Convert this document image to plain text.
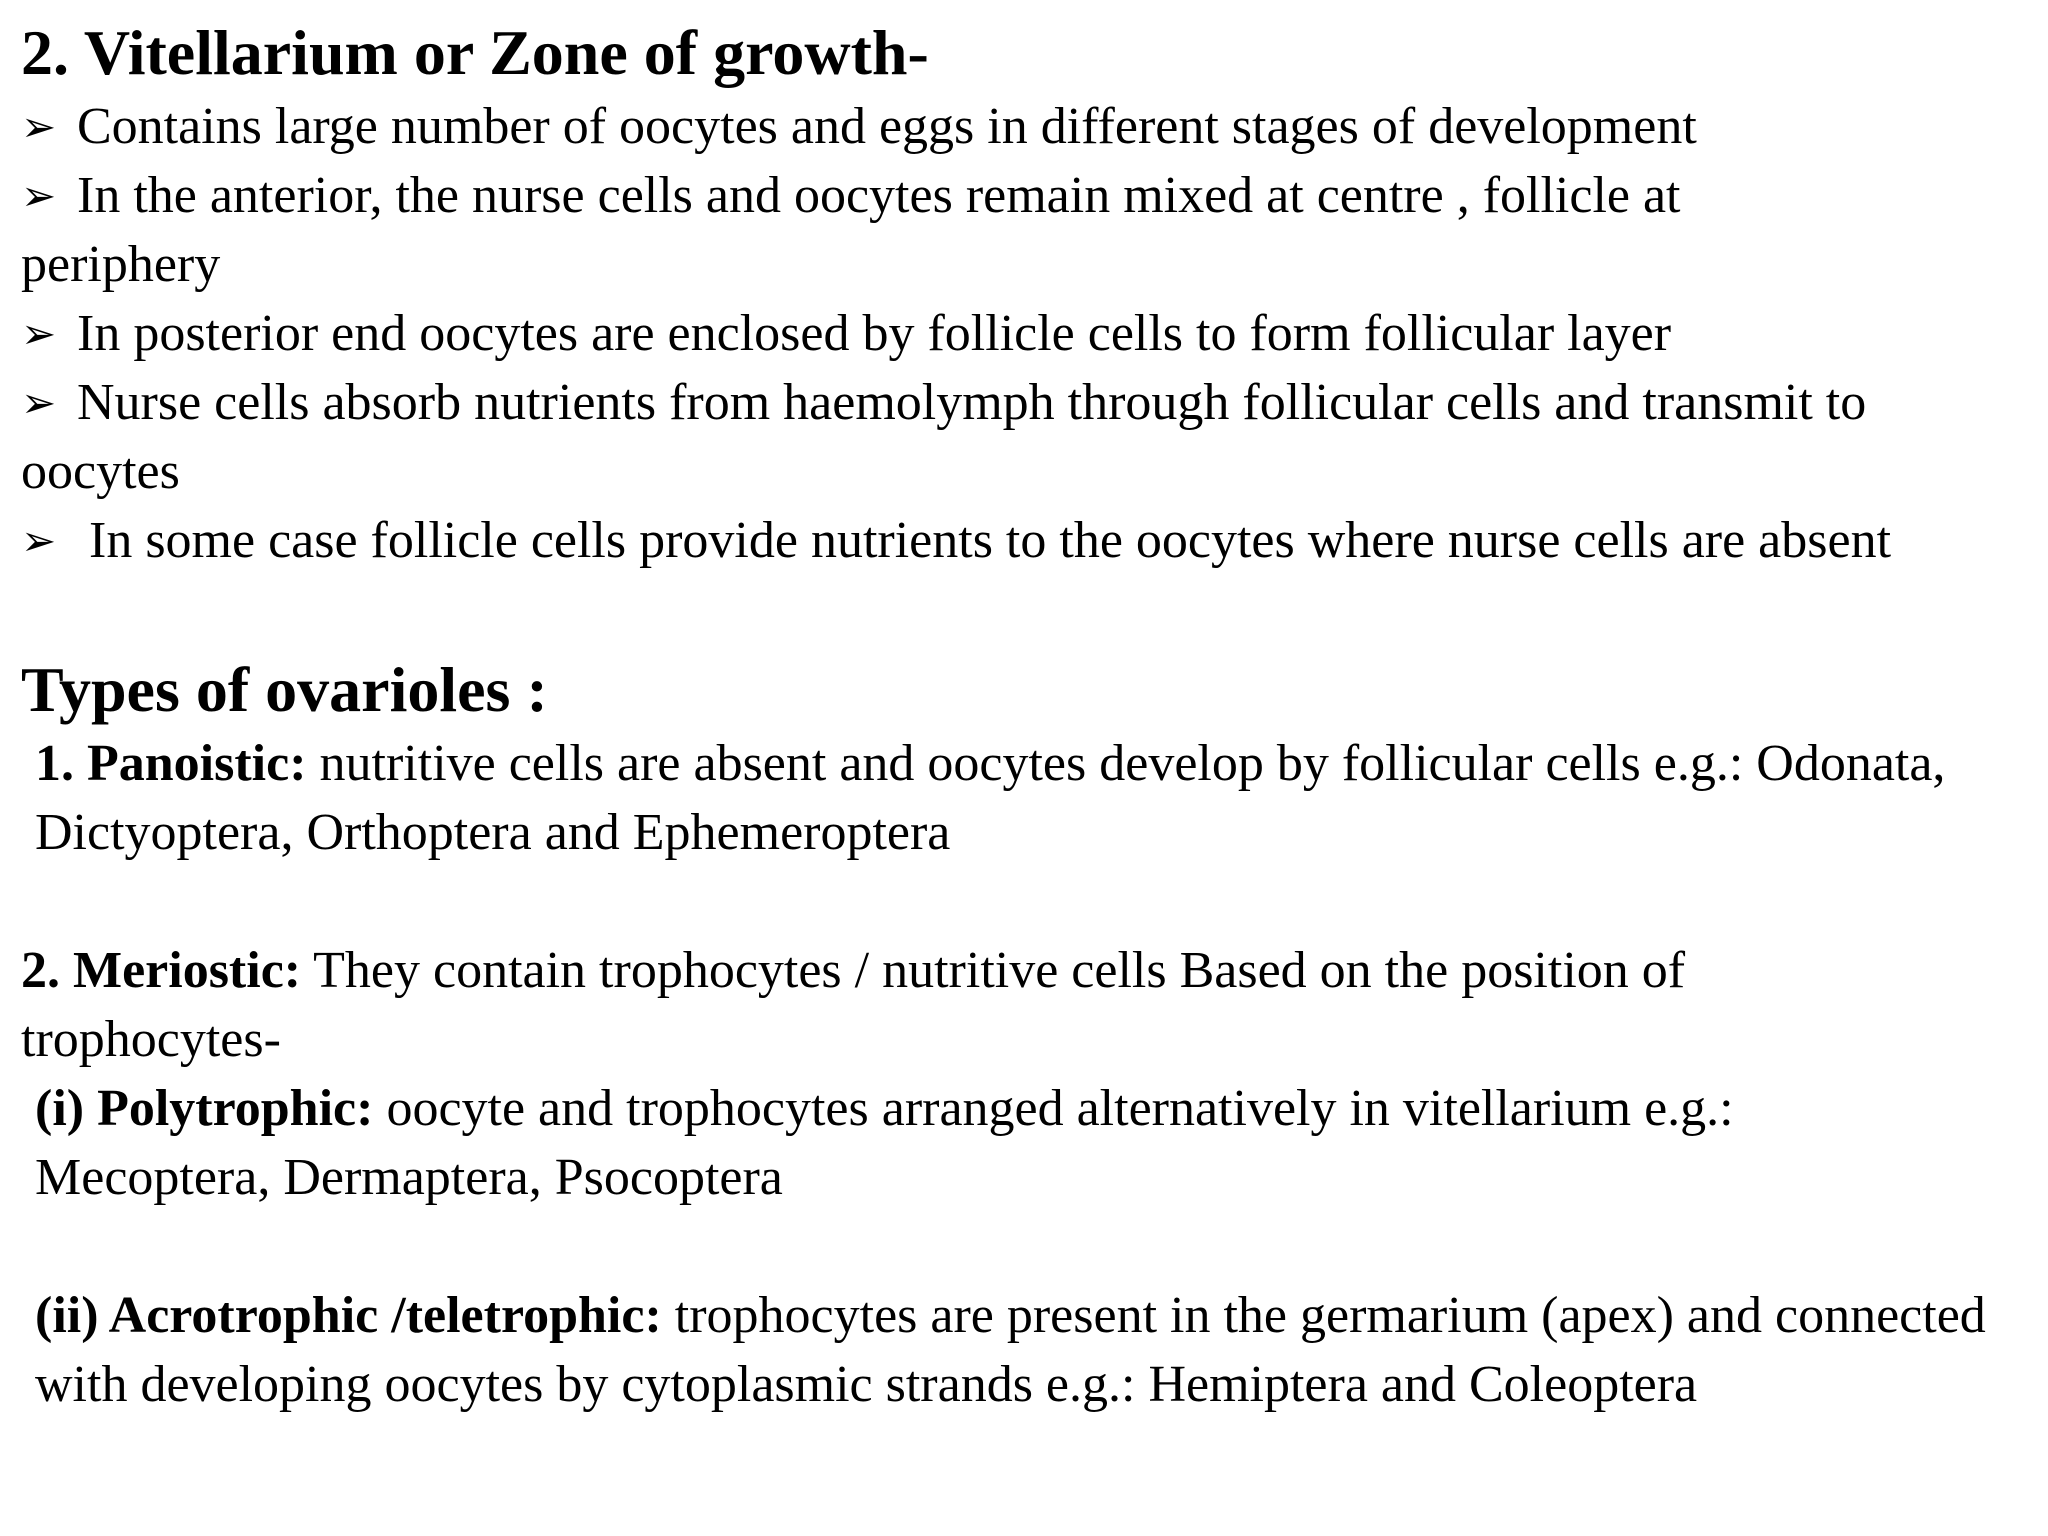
2. Vitellarium or Zone of growth-

➢ Contains large number of oocytes and eggs in different stages of development

➢ In the anterior, the nurse cells and oocytes remain mixed at centre , follicle at periphery

➢ In posterior end oocytes are enclosed by follicle cells to form follicular layer

➢ Nurse cells absorb nutrients from haemolymph through follicular cells and transmit to oocytes

➢ In some case follicle cells provide nutrients to the oocytes where nurse cells are absent

Types of ovarioles :

1. Panoistic: nutritive cells are absent and oocytes develop by follicular cells e.g.: Odonata, Dictyoptera, Orthoptera and Ephemeroptera

2. Meriostic: They contain trophocytes / nutritive cells Based on the position of trophocytes-

(i) Polytrophic: oocyte and trophocytes arranged alternatively in vitellarium e.g.: Mecoptera, Dermaptera, Psocoptera

(ii) Acrotrophic /teletrophic: trophocytes are present in the germarium (apex) and connected with developing oocytes by cytoplasmic strands e.g.: Hemiptera and Coleoptera
